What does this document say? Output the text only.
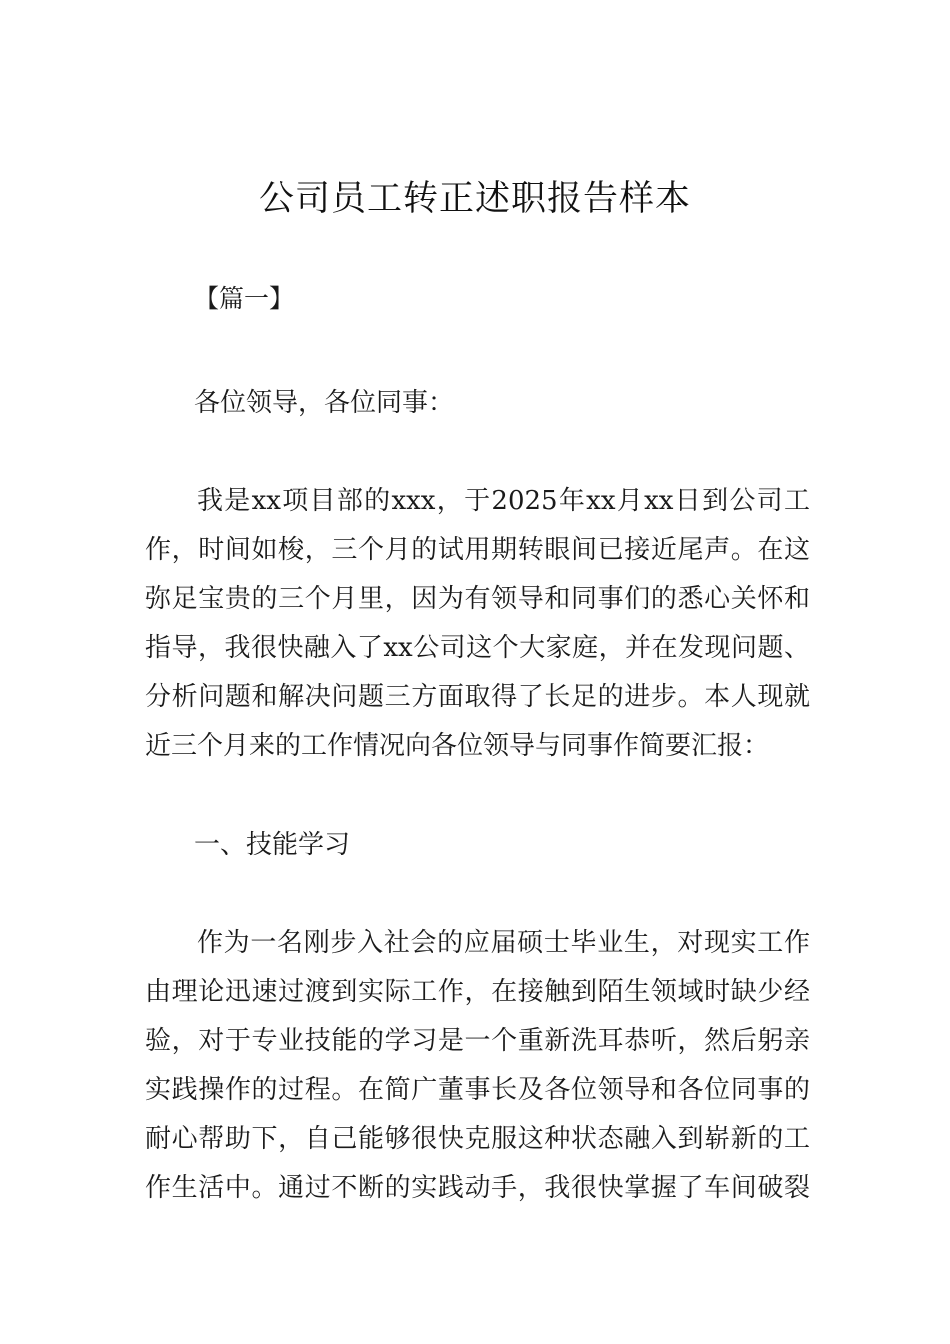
公司员工转正述职报告样本

【篇一】

各位领导，各位同事：

我是xx项目部的xxx，于2025年xx月xx日到公司工
作，时间如梭，三个月的试用期转眼间已接近尾声。在这
弥足宝贵的三个月里，因为有领导和同事们的悉心关怀和
指导，我很快融入了xx公司这个大家庭，并在发现问题、
分析问题和解决问题三方面取得了长足的进步。本人现就
近三个月来的工作情况向各位领导与同事作简要汇报：

一、技能学习

作为一名刚步入社会的应届硕士毕业生，对现实工作
由理论迅速过渡到实际工作，在接触到陌生领域时缺少经
验，对于专业技能的学习是一个重新洗耳恭听，然后躬亲
实践操作的过程。在简广董事长及各位领导和各位同事的
耐心帮助下，自己能够很快克服这种状态融入到崭新的工
作生活中。通过不断的实践动手，我很快掌握了车间破裂
